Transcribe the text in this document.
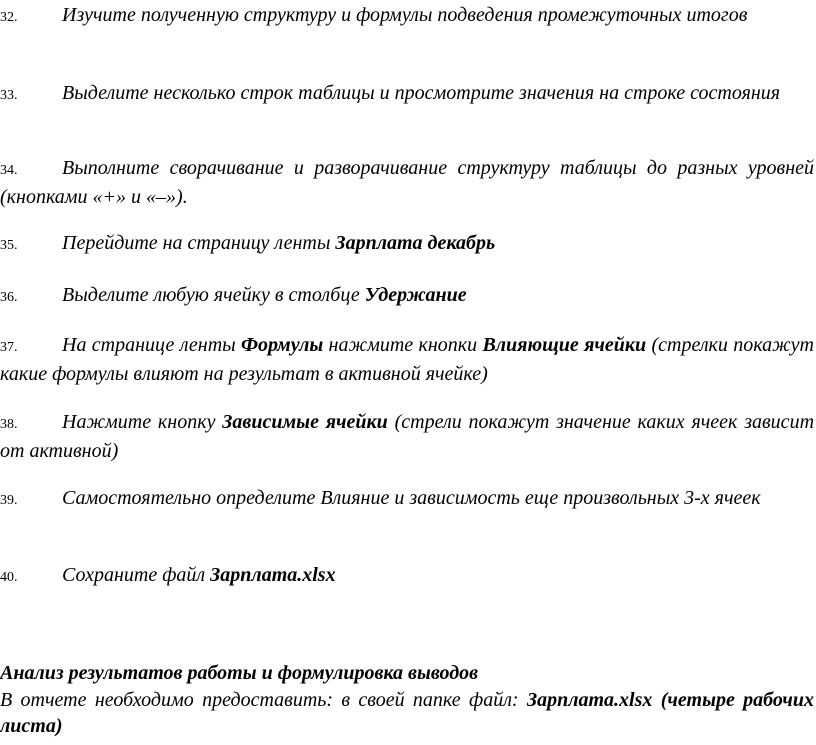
32. Изучите полученную структуру и формулы подведения промежуточных итогов

33. Выделите несколько строк таблицы и просмотрите значения на строке состояния

34. Выполните сворачивание и разворачивание структуру таблицы до разных уровней (кнопками «+» и «–»).

35. Перейдите на страницу ленты Зарплата декабрь

36. Выделите любую ячейку в столбце Удержание

37. На странице ленты Формулы нажмите кнопки Влияющие ячейки (стрелки покажут какие формулы влияют на результат в активной ячейке)

38. Нажмите кнопку Зависимые ячейки (стрели покажут значение каких ячеек зависит от активной)

39. Самостоятельно определите Влияние и зависимость еще произвольных 3-х ячеек

40. Сохраните файл Зарплата.xlsx

Анализ результатов работы и формулировка выводов

В отчете необходимо предоставить: в своей папке файл: Зарплата.xlsx (четыре рабочих листа)
